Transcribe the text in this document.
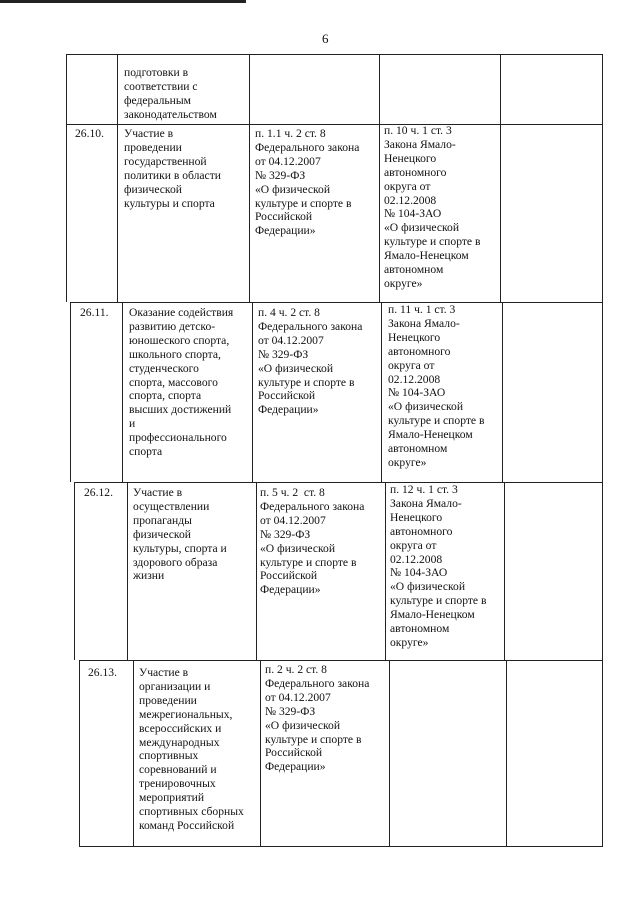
6
подготовки в
соответствии с
федеральным
законодательством
26.10. Участие в
проведении
государственной
политики в области
физической
культуры и спорта
п. 1.1 ч. 2 ст. 8
Федерального закона
от 04.12.2007
№ 329-ФЗ
«О физической
культуре и спорте в
Российской
Федерации»
п. 10 ч. 1 ст. 3
Закона Ямало-
Ненецкого
автономного
округа от
02.12.2008
№ 104-ЗАО
«О физической
культуре и спорте в
Ямало-Ненецком
автономном
округе»
26.11. Оказание содействия
развитию детско-
юношеского спорта,
школьного спорта,
студенческого
спорта, массового
спорта, спорта
высших достижений
и
профессионального
спорта
п. 4 ч. 2 ст. 8
Федерального закона
от 04.12.2007
№ 329-ФЗ
«О физической
культуре и спорте в
Российской
Федерации»
п. 11 ч. 1 ст. 3
Закона Ямало-
Ненецкого
автономного
округа от
02.12.2008
№ 104-ЗАО
«О физической
культуре и спорте в
Ямало-Ненецком
автономном
округе»
26.12. Участие в
осуществлении
пропаганды
физической
культуры, спорта и
здорового образа
жизни
п. 5 ч. 2  ст. 8
Федерального закона
от 04.12.2007
№ 329-ФЗ
«О физической
культуре и спорте в
Российской
Федерации»
п. 12 ч. 1 ст. 3
Закона Ямало-
Ненецкого
автономного
округа от
02.12.2008
№ 104-ЗАО
«О физической
культуре и спорте в
Ямало-Ненецком
автономном
округе»
26.13. Участие в
организации и
проведении
межрегиональных,
всероссийских и
международных
спортивных
соревнований и
тренировочных
мероприятий
спортивных сборных
команд Российской
п. 2 ч. 2 ст. 8
Федерального закона
от 04.12.2007
№ 329-ФЗ
«О физической
культуре и спорте в
Российской
Федерации»
